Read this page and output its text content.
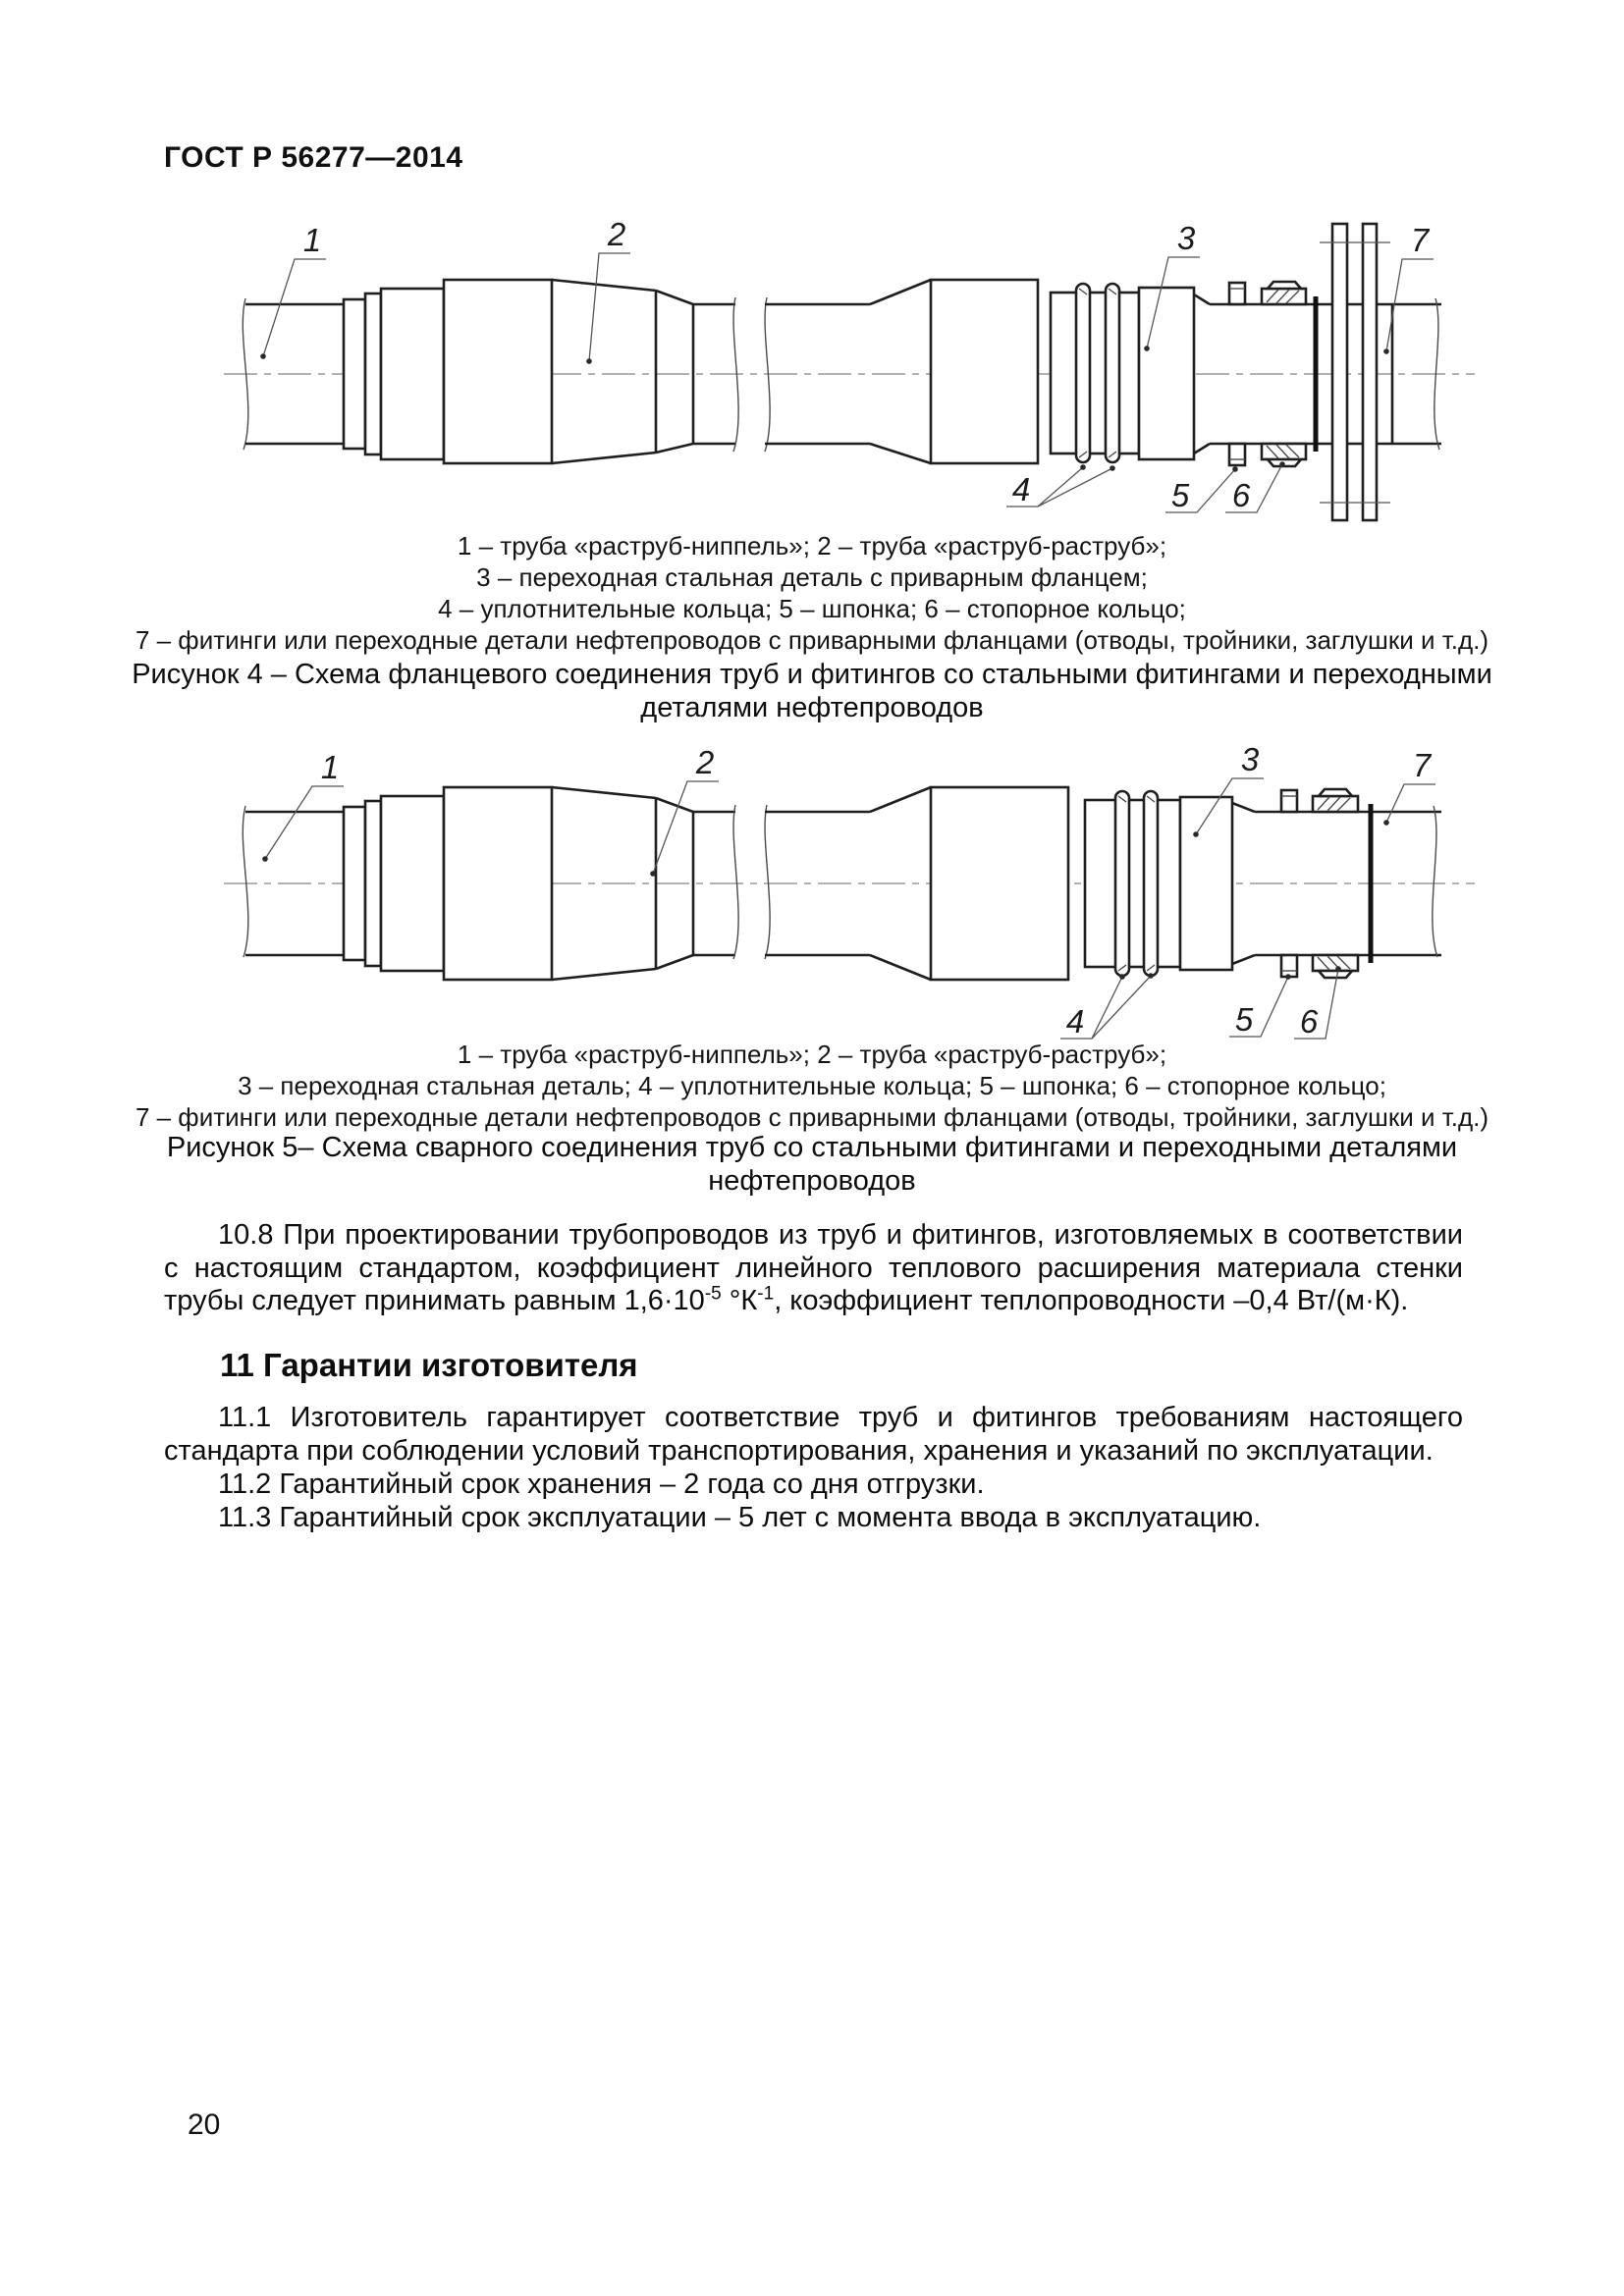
ГОСТ Р 56277—2014
1	2	3	7
4	5 6
1 – труба «раструб-ниппель»; 2 – труба «раструб-раструб»;
3 – переходная стальная деталь с приварным фланцем;
4 – уплотнительные кольца; 5 – шпонка; 6 – стопорное кольцо;
7 – фитинги или переходные детали нефтепроводов с приварными фланцами (отводы, тройники, заглушки и т.д.)
Рисунок 4 – Схема фланцевого соединения труб и фитингов со стальными фитингами и переходными
деталями нефтепроводов
1	2	3	7
4	5 6
1 – труба «раструб-ниппель»; 2 – труба «раструб-раструб»;
3 – переходная стальная деталь; 4 – уплотнительные кольца; 5 – шпонка; 6 – стопорное кольцо;
7 – фитинги или переходные детали нефтепроводов с приварными фланцами (отводы, тройники, заглушки и т.д.)
Рисунок 5– Схема сварного соединения труб со стальными фитингами и переходными деталями
нефтепроводов
10.8 При проектировании трубопроводов из труб и фитингов, изготовляемых в соответствии с настоящим стандартом, коэффициент линейного теплового расширения материала стенки трубы следует принимать равным $1,6\cdot 10^{-5}$ $^\circ К^{-1}$, коэффициент теплопроводности –0,4 Вт/(м·К).
11 Гарантии изготовителя
11.1 Изготовитель гарантирует соответствие труб и фитингов требованиям настоящего стандарта при соблюдении условий транспортирования, хранения и указаний по эксплуатации.
11.2 Гарантийный срок хранения – 2 года со дня отгрузки.
11.3 Гарантийный срок эксплуатации – 5 лет с момента ввода в эксплуатацию.
20
